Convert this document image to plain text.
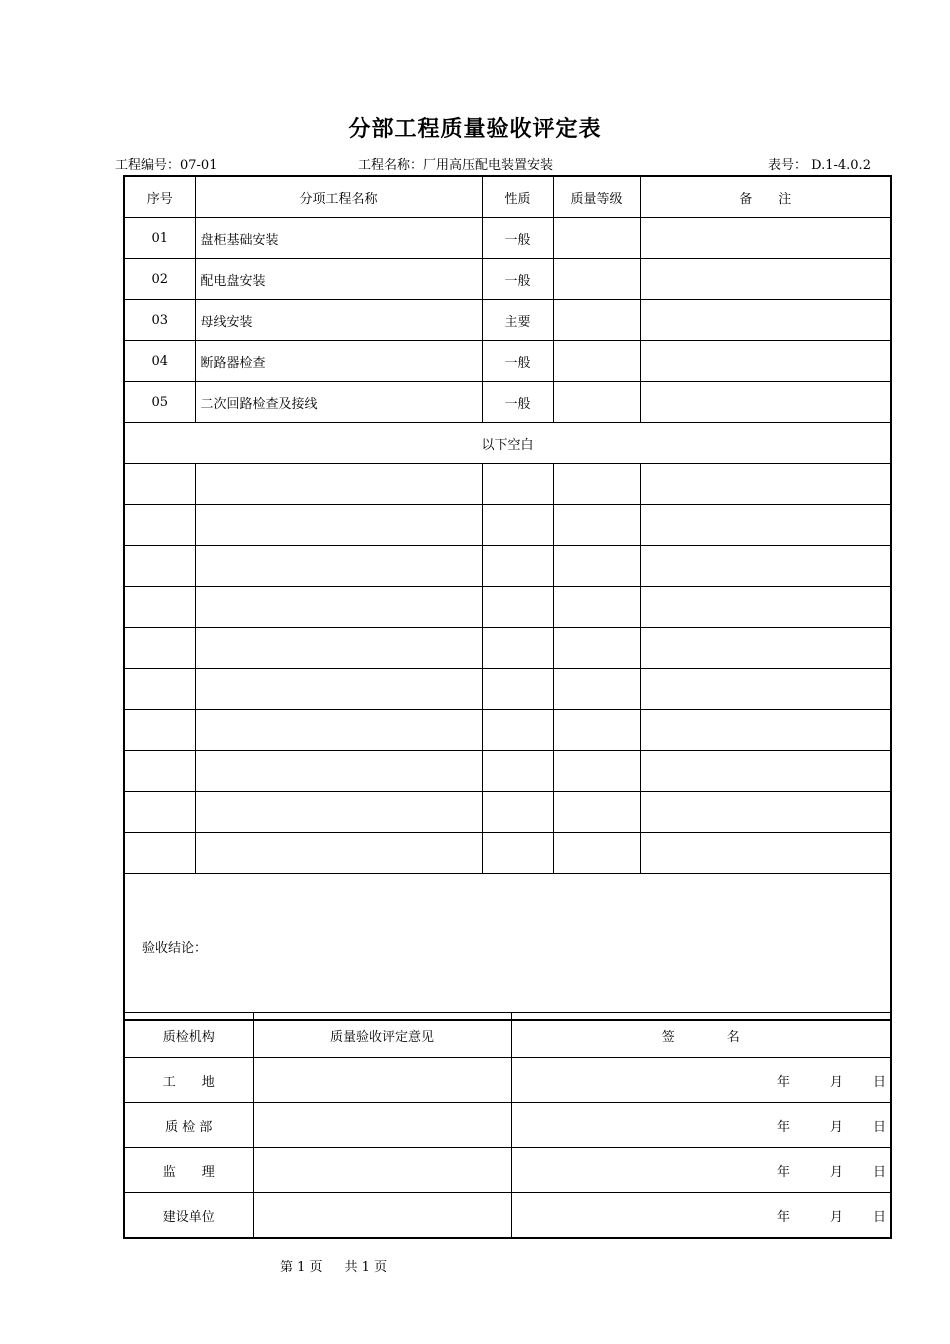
分部工程质量验收评定表
工程编号：07-01	工程名称：厂用高压配电装置安装	表号： D.1-4.0.2
序号	分项工程名称	性质	质量等级	备　　注
01	盘柜基础安装	一般		
02	配电盘安装	一般		
03	母线安装	主要		
04	断路器检查	一般		
05	二次回路检查及接线	一般		
以下空白				

验收结论：				
质检机构	质量验收评定意见	签　　　　名
工　　地		年 月 日
质 检 部		年 月 日
监　　理		年 月 日
建设单位		年 月 日
第 1 页 共 1 页
